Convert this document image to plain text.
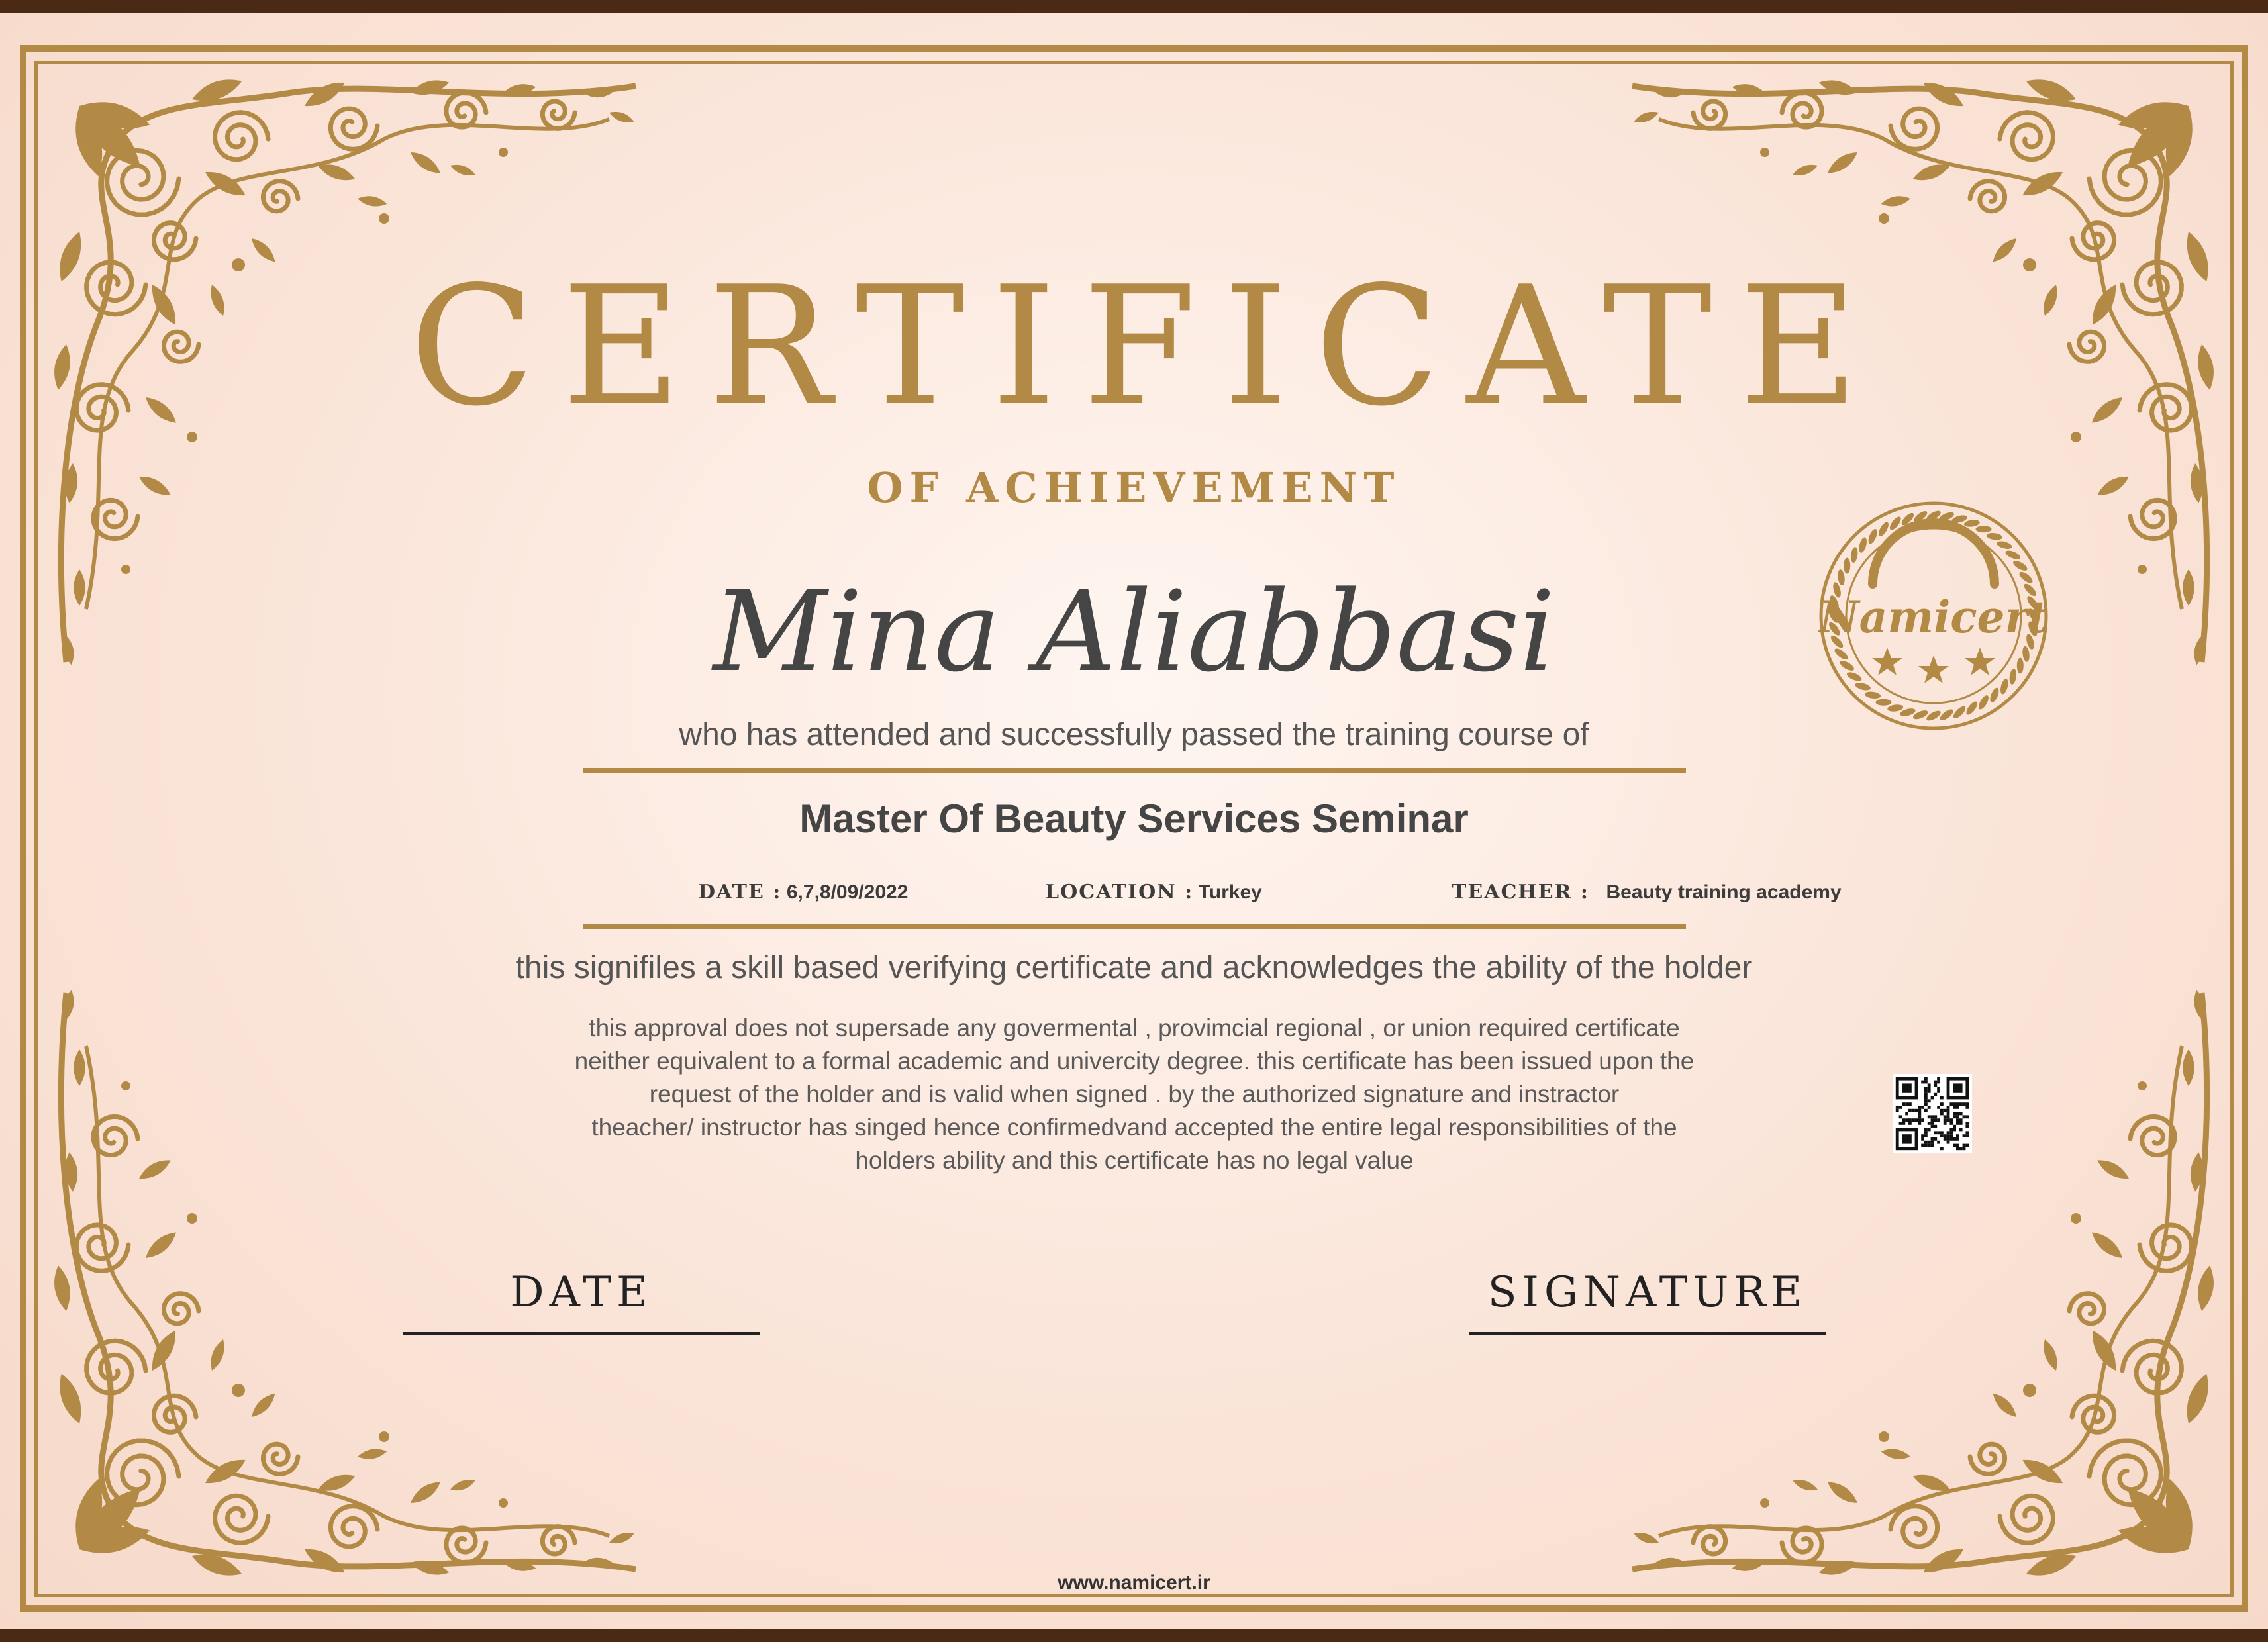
CERTIFICATE
OF ACHIEVEMENT
Mina Aliabbasi
who has attended and successfully passed the training course of
Master Of Beauty Services Seminar
DATE : 6,7,8/09/2022	LOCATION : Turkey	TEACHER : Beauty training academy
this signifiles a skill based verifying certificate and acknowledges the ability of the holder
this approval does not supersade any govermental , provimcial regional , or union required certificate
neither equivalent to a formal academic and univercity degree. this certificate has been issued upon the
request of the holder and is valid when signed . by the authorized signature and instractor
theacher/ instructor has singed hence confirmedvand accepted the entire legal responsibilities of the
holders ability and this certificate has no legal value
DATE	SIGNATURE
Namicert
www.namicert.ir
